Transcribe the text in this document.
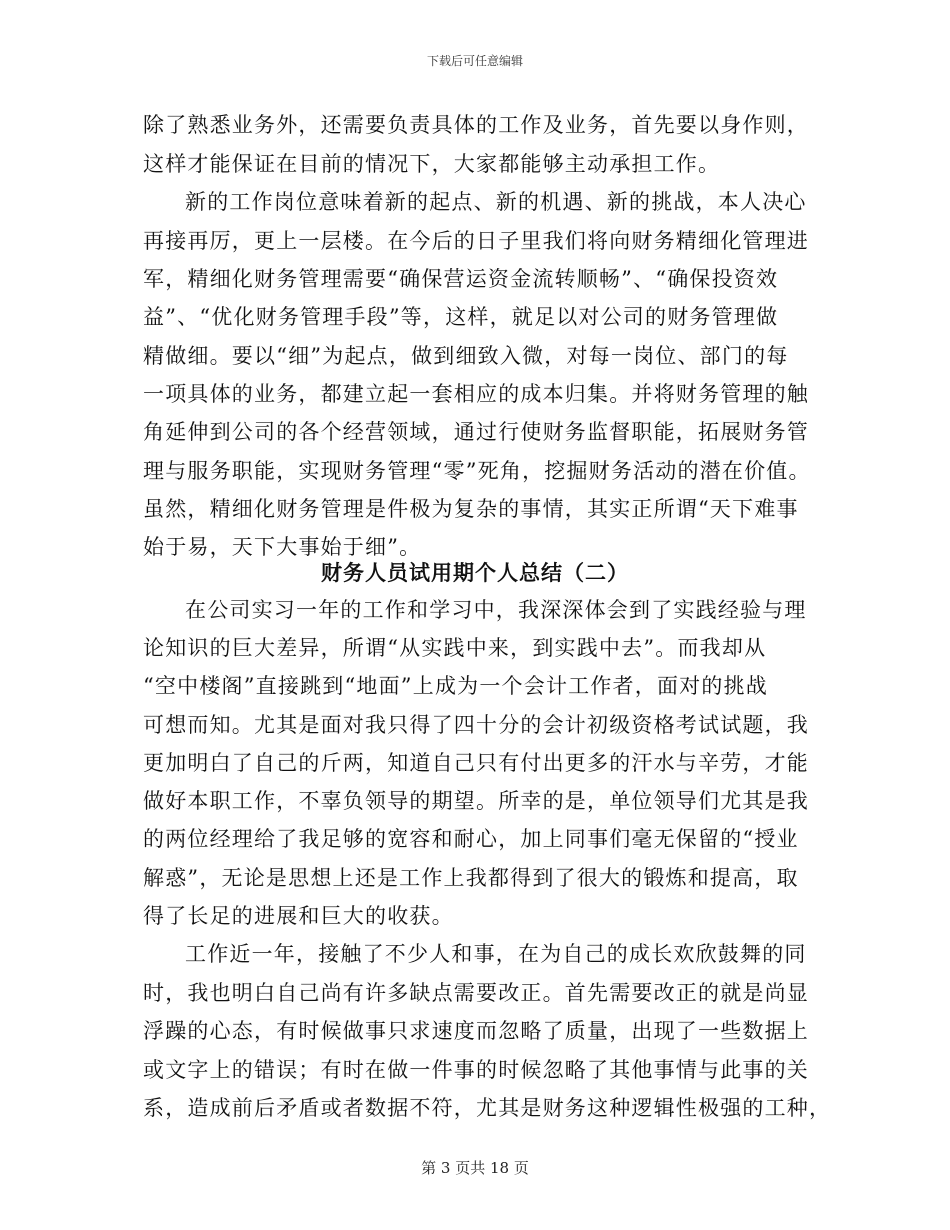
下载后可任意编辑
除了熟悉业务外，还需要负责具体的工作及业务，首先要以身作则，
这样才能保证在目前的情况下，大家都能够主动承担工作。
新的工作岗位意味着新的起点、新的机遇、新的挑战，本人决心
再接再厉，更上一层楼。在今后的日子里我们将向财务精细化管理进
军，精细化财务管理需要“确保营运资金流转顺畅”、“确保投资效
益”、“优化财务管理手段”等，这样，就足以对公司的财务管理做
精做细。要以“细”为起点，做到细致入微，对每一岗位、部门的每
一项具体的业务，都建立起一套相应的成本归集。并将财务管理的触
角延伸到公司的各个经营领域，通过行使财务监督职能，拓展财务管
理与服务职能，实现财务管理“零”死角，挖掘财务活动的潜在价值。
虽然，精细化财务管理是件极为复杂的事情，其实正所谓“天下难事
始于易，天下大事始于细”。
财务人员试用期个人总结（二）
在公司实习一年的工作和学习中，我深深体会到了实践经验与理
论知识的巨大差异，所谓“从实践中来，到实践中去”。而我却从
“空中楼阁”直接跳到“地面”上成为一个会计工作者，面对的挑战
可想而知。尤其是面对我只得了四十分的会计初级资格考试试题，我
更加明白了自己的斤两，知道自己只有付出更多的汗水与辛劳，才能
做好本职工作，不辜负领导的期望。所幸的是，单位领导们尤其是我
的两位经理给了我足够的宽容和耐心，加上同事们毫无保留的“授业
解惑”，无论是思想上还是工作上我都得到了很大的锻炼和提高，取
得了长足的进展和巨大的收获。
工作近一年，接触了不少人和事，在为自己的成长欢欣鼓舞的同
时，我也明白自己尚有许多缺点需要改正。首先需要改正的就是尚显
浮躁的心态，有时候做事只求速度而忽略了质量，出现了一些数据上
或文字上的错误；有时在做一件事的时候忽略了其他事情与此事的关
系，造成前后矛盾或者数据不符，尤其是财务这种逻辑性极强的工种，
第 3 页共 18 页
